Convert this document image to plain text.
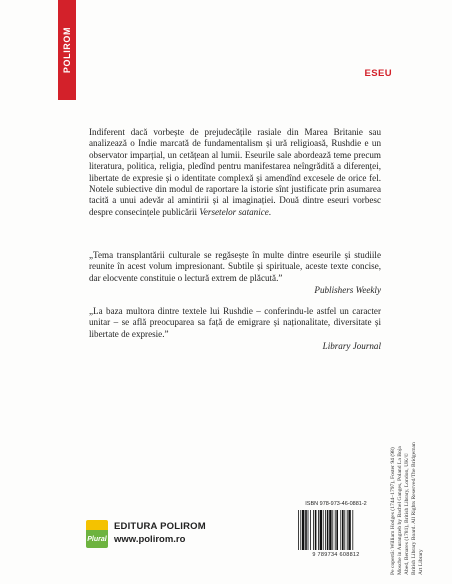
POLIROM
ESEU

Indiferent dacă vorbește de prejudecățile rasiale din Marea Britanie sau analizează o Indie marcată de fundamentalism și ură religioasă, Rushdie e un observator imparțial, un cetățean al lumii. Eseurile sale abordează teme precum literatura, politica, religia, pledînd pentru manifestarea neîngrădită a diferenței, libertate de expresie și o identitate complexă și amendînd excesele de orice fel. Notele subiective din modul de raportare la istorie sînt justificate prin asumarea tacită a unui adevăr al amintirii și al imaginației. Două dintre eseuri vorbesc despre consecințele publicării Versetelor satanice.

„Tema transplantării culturale se regăsește în multe dintre eseurile și studiile reunite în acest volum impresionant. Subtile și spirituale, aceste texte concise, dar elocvente constituie o lectură extrem de plăcută.”

Publishers Weekly

„La baza multora dintre textele lui Rushdie – conferindu-le astfel un caracter unitar – se află preocuparea sa față de emigrare și naționalitate, diversitate și libertate de expresie.”

Library Journal
Pe copertă: William Hodges (1744–1797), Foster 94 (98) Mosche in Aurangzeb by Bachel Ganges, Poland La Boja Abed, Benares (1781), British Library, London, UK/© British Library Board. All Rights Reserved/The Bridgeman Art Library
Plural
EDITURA POLIROM
www.polirom.ro
ISBN 978-973-46-0881-2
9 789734 608812
